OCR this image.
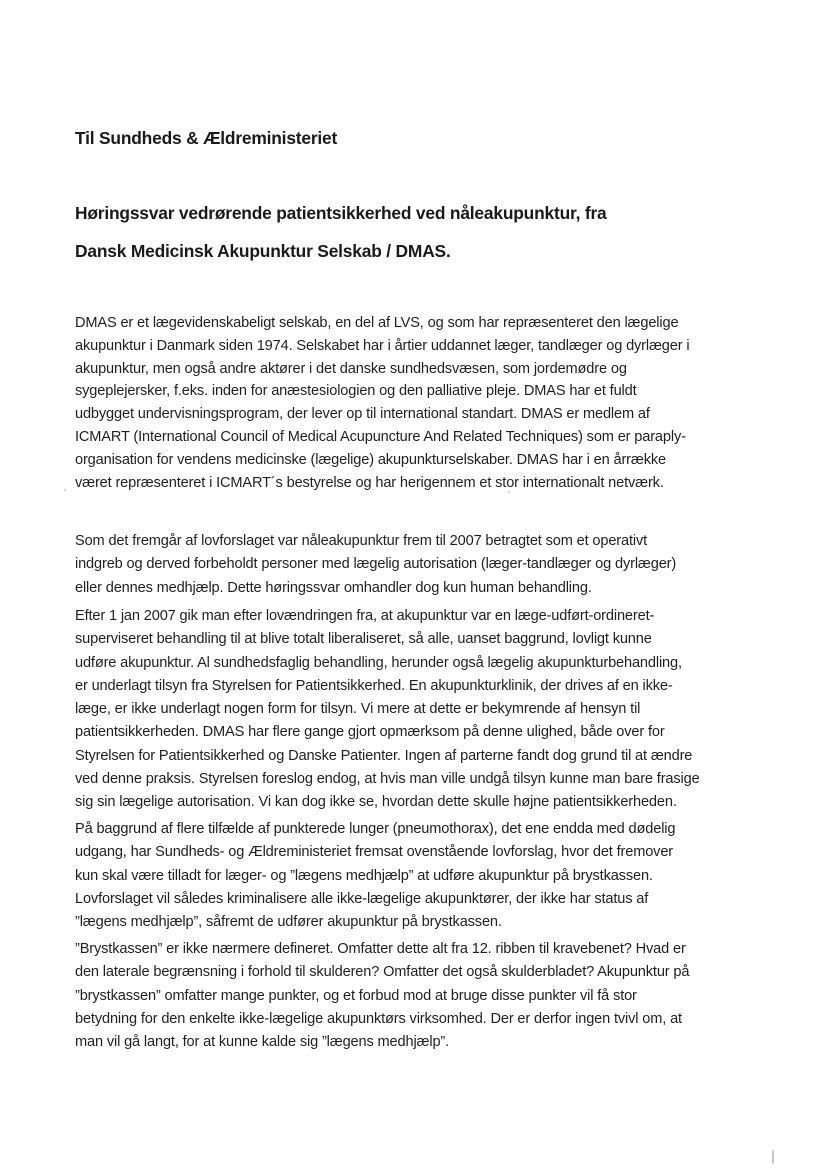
Til Sundheds & Ældreministeriet
Høringssvar vedrørende patientsikkerhed ved nåleakupunktur, fra
Dansk Medicinsk Akupunktur Selskab / DMAS.
DMAS er et lægevidenskabeligt selskab, en del af LVS, og som har repræsenteret den lægelige
akupunktur i Danmark siden 1974. Selskabet har i årtier uddannet læger, tandlæger og dyrlæger i
akupunktur, men også andre aktører i det danske sundhedsvæsen, som jordemødre og
sygeplejersker, f.eks. inden for anæstesiologien og den palliative pleje. DMAS har et fuldt
udbygget undervisningsprogram, der lever op til international standart. DMAS er medlem af
ICMART (International Council of Medical Acupuncture And Related Techniques) som er paraply-
organisation for vendens medicinske (lægelige) akupunkturselskaber. DMAS har i en årrække
været repræsenteret i ICMART´s bestyrelse og har herigennem et stor internationalt netværk.
Som det fremgår af lovforslaget var nåleakupunktur frem til 2007 betragtet som et operativt
indgreb og derved forbeholdt personer med lægelig autorisation (læger-tandlæger og dyrlæger)
eller dennes medhjælp. Dette høringssvar omhandler dog kun human behandling.
Efter 1 jan 2007 gik man efter lovændringen fra, at akupunktur var en læge-udført-ordineret-
superviseret behandling til at blive totalt liberaliseret, så alle, uanset baggrund, lovligt kunne
udføre akupunktur. Al sundhedsfaglig behandling, herunder også lægelig akupunkturbehandling,
er underlagt tilsyn fra Styrelsen for Patientsikkerhed. En akupunkturklinik, der drives af en ikke-
læge, er ikke underlagt nogen form for tilsyn. Vi mere at dette er bekymrende af hensyn til
patientsikkerheden. DMAS har flere gange gjort opmærksom på denne ulighed, både over for
Styrelsen for Patientsikkerhed og Danske Patienter. Ingen af parterne fandt dog grund til at ændre
ved denne praksis. Styrelsen foreslog endog, at hvis man ville undgå tilsyn kunne man bare frasige
sig sin lægelige autorisation. Vi kan dog ikke se, hvordan dette skulle højne patientsikkerheden.
På baggrund af flere tilfælde af punkterede lunger (pneumothorax), det ene endda med dødelig
udgang, har Sundheds- og Ældreministeriet fremsat ovenstående lovforslag, hvor det fremover
kun skal være tilladt for læger- og ”lægens medhjælp” at udføre akupunktur på brystkassen.
Lovforslaget vil således kriminalisere alle ikke-lægelige akupunktører, der ikke har status af
”lægens medhjælp”, såfremt de udfører akupunktur på brystkassen.
”Brystkassen” er ikke nærmere defineret. Omfatter dette alt fra 12. ribben til kravebenet? Hvad er
den laterale begrænsning i forhold til skulderen? Omfatter det også skulderbladet? Akupunktur på
”brystkassen” omfatter mange punkter, og et forbud mod at bruge disse punkter vil få stor
betydning for den enkelte ikke-lægelige akupunktørs virksomhed. Der er derfor ingen tvivl om, at
man vil gå langt, for at kunne kalde sig ”lægens medhjælp”.
